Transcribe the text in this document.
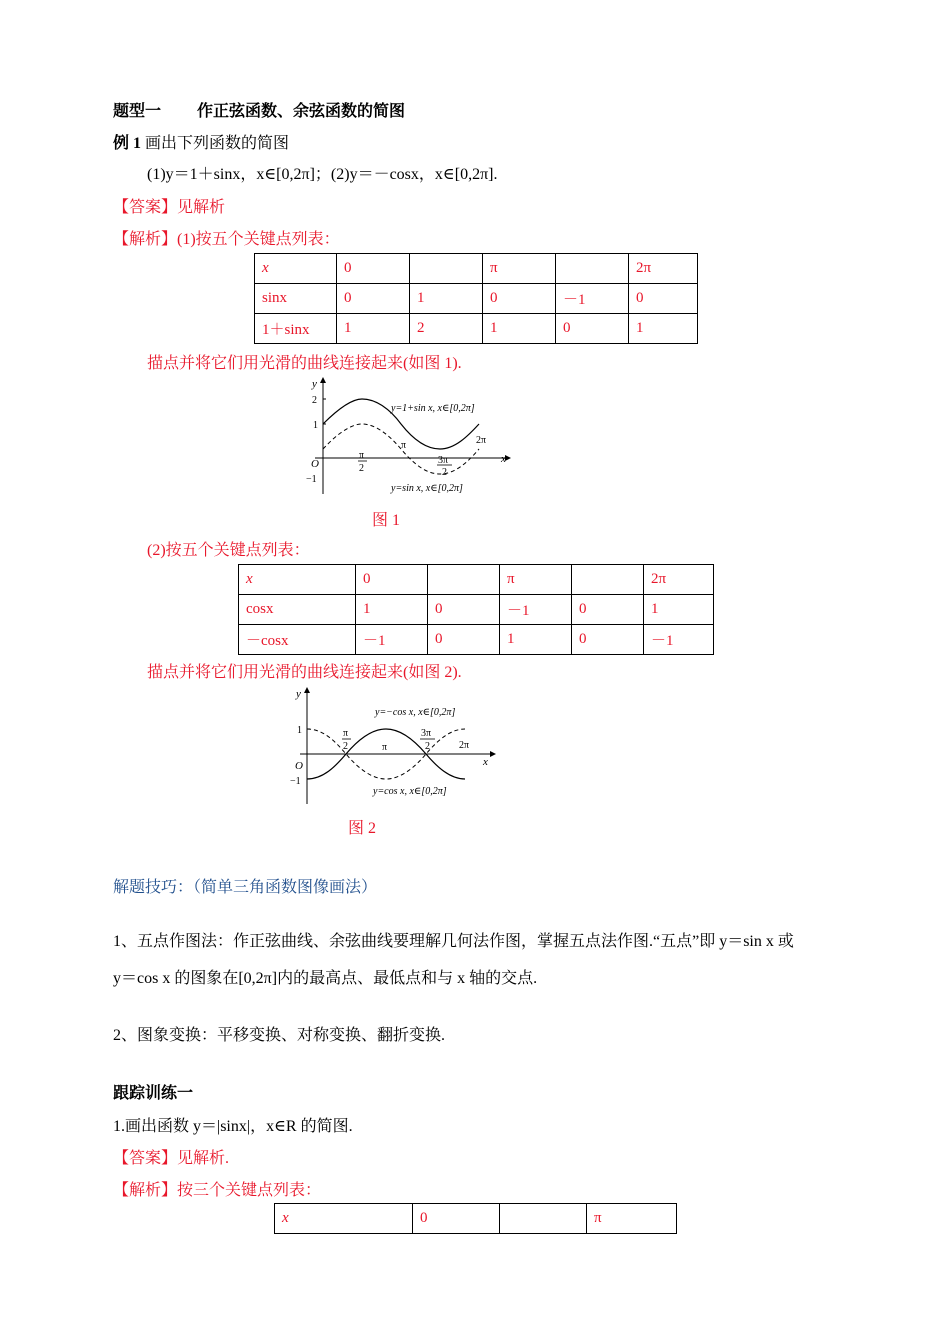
题型一 作正弦函数、余弦函数的简图
例 1 画出下列函数的简图
(1)y＝1＋sinx，x∈[0,2π]；(2)y＝－cosx，x∈[0,2π].
【答案】见解析
【解析】(1)按五个关键点列表：
x	0		π		2π
sinx	0	1	0	－1	0
1＋sinx	1	2	1	0	1
描点并将它们用光滑的曲线连接起来(如图 1).
y
x
O
2
1
−1
π
2
π
3π
2
2π
y=1+sin x, x∈[0,2π]
y=sin x, x∈[0,2π]
图 1
(2)按五个关键点列表：
x	0		π		2π
cosx	1	0	－1	0	1
－cosx	－1	0	1	0	－1
描点并将它们用光滑的曲线连接起来(如图 2).
y
x
O
1
−1
π
2	π
3π
2	2π
y=−cos x, x∈[0,2π]
y=cos x, x∈[0,2π]
图 2
解题技巧：（简单三角函数图像画法）
1、五点作图法：作正弦曲线、余弦曲线要理解几何法作图，掌握五点法作图.“五点”即 y＝sin x 或
y＝cos x 的图象在[0,2π]内的最高点、最低点和与 x 轴的交点.
2、图象变换：平移变换、对称变换、翻折变换.
跟踪训练一
1.画出函数 y＝|sinx|，x∈R 的简图.
【答案】见解析.
【解析】按三个关键点列表：
x	0		π
